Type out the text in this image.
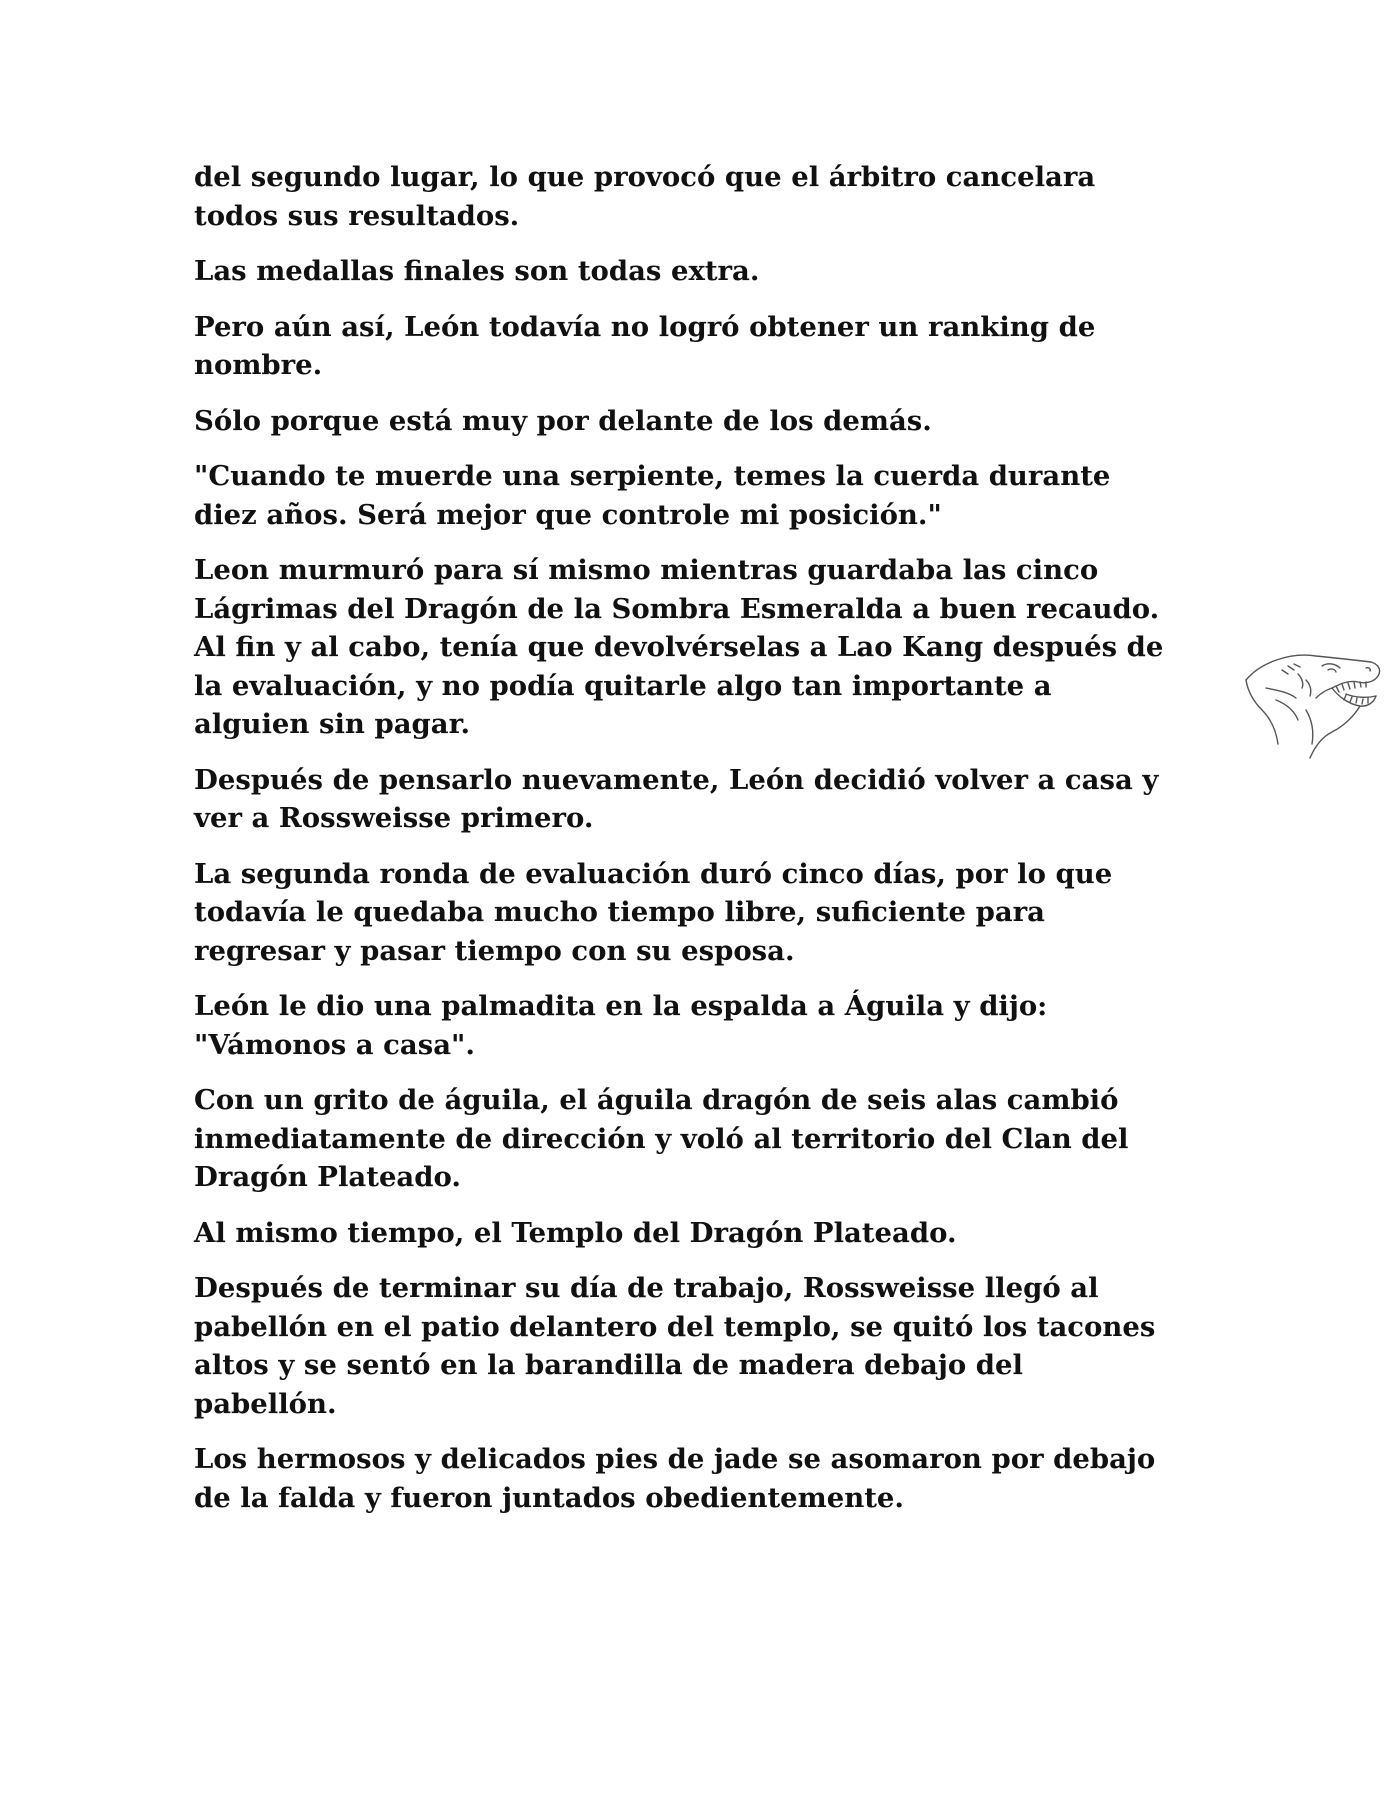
del segundo lugar, lo que provocó que el árbitro cancelara
todos sus resultados.

Las medallas finales son todas extra.

Pero aún así, León todavía no logró obtener un ranking de
nombre.

Sólo porque está muy por delante de los demás.

"Cuando te muerde una serpiente, temes la cuerda durante
diez años. Será mejor que controle mi posición."

Leon murmuró para sí mismo mientras guardaba las cinco
Lágrimas del Dragón de la Sombra Esmeralda a buen recaudo.
Al fin y al cabo, tenía que devolvérselas a Lao Kang después de
la evaluación, y no podía quitarle algo tan importante a
alguien sin pagar.

Después de pensarlo nuevamente, León decidió volver a casa y
ver a Rossweisse primero.

La segunda ronda de evaluación duró cinco días, por lo que
todavía le quedaba mucho tiempo libre, suficiente para
regresar y pasar tiempo con su esposa.

León le dio una palmadita en la espalda a Águila y dijo:
"Vámonos a casa".

Con un grito de águila, el águila dragón de seis alas cambió
inmediatamente de dirección y voló al territorio del Clan del
Dragón Plateado.

Al mismo tiempo, el Templo del Dragón Plateado.

Después de terminar su día de trabajo, Rossweisse llegó al
pabellón en el patio delantero del templo, se quitó los tacones
altos y se sentó en la barandilla de madera debajo del
pabellón.

Los hermosos y delicados pies de jade se asomaron por debajo
de la falda y fueron juntados obedientemente.
